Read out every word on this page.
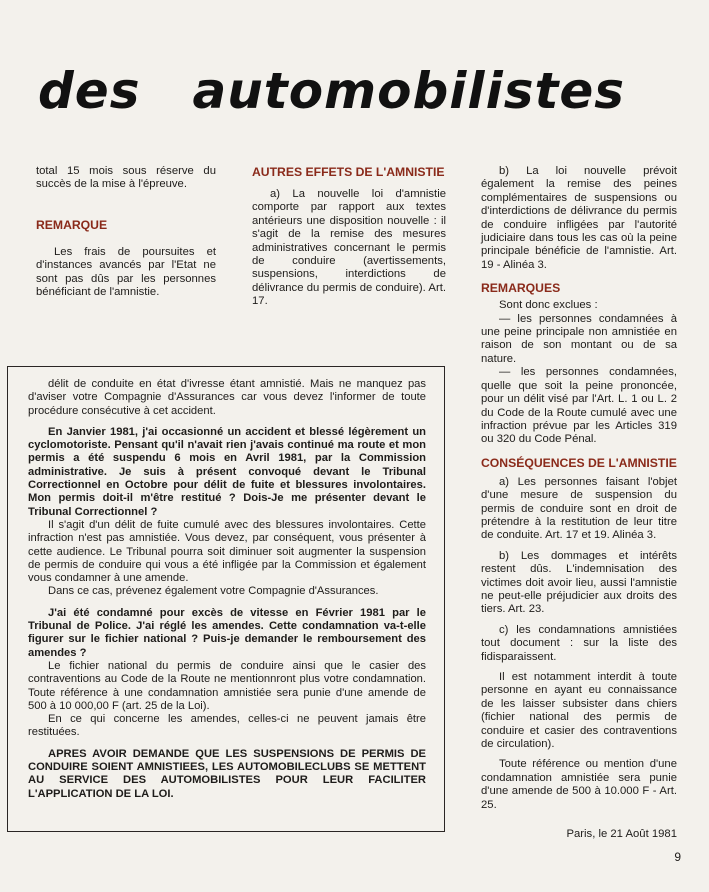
des automobilistes

total 15 mois sous réserve du succès de la mise à l'épreuve.

REMARQUE

Les frais de poursuites et d'instances avancés par l'Etat ne sont pas dûs par les personnes bénéficiant de l'amnistie.

AUTRES EFFETS DE L'AMNISTIE

a) La nouvelle loi d'amnistie comporte par rapport aux textes antérieurs une disposition nouvelle : il s'agit de la remise des mesures administratives concernant le permis de conduire (avertissements, suspensions, interdictions de délivrance du permis de conduire). Art. 17.

b) La loi nouvelle prévoit également la remise des peines complémentaires de suspensions ou d'interdictions de délivrance du permis de conduire infligées par l'autorité judiciaire dans tous les cas où la peine principale bénéficie de l'amnistie. Art. 19 - Alinéa 3.

REMARQUES

Sont donc exclues :

— les personnes condamnées à une peine principale non amnistiée en raison de son montant ou de sa nature.

— les personnes condamnées, quelle que soit la peine prononcée, pour un délit visé par l'Art. L. 1 ou L. 2 du Code de la Route cumulé avec une infraction prévue par les Articles 319 ou 320 du Code Pénal.

CONSÉQUENCES DE L'AMNISTIE

a) Les personnes faisant l'objet d'une mesure de suspension du permis de conduire sont en droit de prétendre à la restitution de leur titre de conduite. Art. 17 et 19. Alinéa 3.

b) Les dommages et intérêts restent dûs. L'indemnisation des victimes doit avoir lieu, aussi l'amnistie ne peut-elle préjudicier aux droits des tiers. Art. 23.

c) les condamnations amnistiées tout document : sur la liste des fidisparaissent.

Il est notamment interdit à toute personne en ayant eu connaissance de les laisser subsister dans chiers (fichier national des permis de conduire et casier des contraventions de circulation).

Toute référence ou mention d'une condamnation amnistiée sera punie d'une amende de 500 à 10.000 F - Art. 25.

Paris, le 21 Août 1981

délit de conduite en état d'ivresse étant amnistié. Mais ne manquez pas d'aviser votre Compagnie d'Assurances car vous devez l'informer de toute procédure consécutive à cet accident.

En Janvier 1981, j'ai occasionné un accident et blessé légèrement un cyclomotoriste. Pensant qu'il n'avait rien j'avais continué ma route et mon permis a été suspendu 6 mois en Avril 1981, par la Commission administrative. Je suis à présent convoqué devant le Tribunal Correctionnel en Octobre pour délit de fuite et blessures involontaires. Mon permis doit-il m'être restitué ? Dois-Je me présenter devant le Tribunal Correctionnel ?

Il s'agit d'un délit de fuite cumulé avec des blessures involontaires. Cette infraction n'est pas amnistiée. Vous devez, par conséquent, vous présenter à cette audience. Le Tribunal pourra soit diminuer soit augmenter la suspension de permis de conduire qui vous a été infligée par la Commission et également vous condamner à une amende.

Dans ce cas, prévenez également votre Compagnie d'Assurances.

J'ai été condamné pour excès de vitesse en Février 1981 par le Tribunal de Police. J'ai réglé les amendes. Cette condamnation va-t-elle figurer sur le fichier national ? Puis-je demander le remboursement des amendes ?

Le fichier national du permis de conduire ainsi que le casier des contraventions au Code de la Route ne mentionnront plus votre condamnation. Toute référence à une condamnation amnistiée sera punie d'une amende de 500 à 10 000,00 F (art. 25 de la Loi).

En ce qui concerne les amendes, celles-ci ne peuvent jamais être restituées.

APRES AVOIR DEMANDE QUE LES SUSPENSIONS DE PERMIS DE CONDUIRE SOIENT AMNISTIEES, LES AUTOMOBILECLUBS SE METTENT AU SERVICE DES AUTOMOBILISTES POUR LEUR FACILITER L'APPLICATION DE LA LOI.

9
